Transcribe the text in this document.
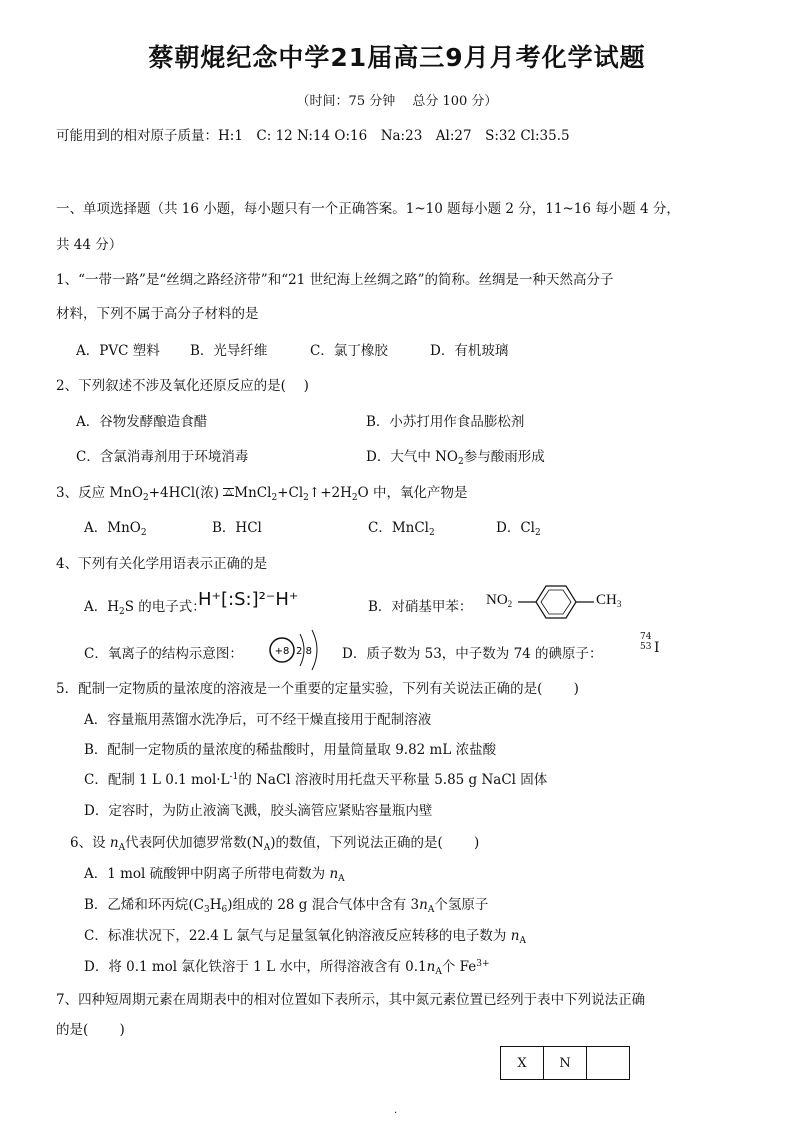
蔡朝焜纪念中学21届高三9月月考化学试题
（时间：75 分钟　 总分 100 分）
可能用到的相对原子质量：H:1　C: 12 N:14 O:16　Na:23　Al:27　S:32 Cl:35.5
一、单项选择题（共 16 小题，每小题只有一个正确答案。1~10 题每小题 2 分，11~16 每小题 4 分，
共 44 分）
1、“一带一路”是“丝绸之路经济带”和“21 世纪海上丝绸之路”的简称。丝绸是一种天然高分子
材料，下列不属于高分子材料的是
A．PVC 塑料 B．光导纤维	C．氯丁橡胶	D．有机玻璃
2、下列叙述不涉及氧化还原反应的是(　 )
A．谷物发酵酿造食醋	B．小苏打用作食品膨松剂
C．含氯消毒剂用于环境消毒	D．大气中 $NO_2$参与酸雨形成
3、反应 MnO$_2$+4HCl(浓) △ $MnCl_2+Cl_2↑+2H_2O$ 中，氧化产物是
A．MnO$_2$	B．HCl	C．MnCl$_2$	D．$Cl_2$
4、下列有关化学用语表示正确的是
A．$H_2S$ 的电子式：
H⁺[:S:]²⁻H⁺	B．对硝基甲苯： $NO_2$	$CH_3$
C．氧离子的结构示意图：	+8 2 8 D．质子数为 53，中子数为 74 的碘原子：
74
53 I
5．配制一定物质的量浓度的溶液是一个重要的定量实验，下列有关说法正确的是(　　 )
A．容量瓶用蒸馏水洗净后，可不经干燥直接用于配制溶液
B．配制一定物质的量浓度的稀盐酸时，用量筒量取 9.82 mL 浓盐酸
C．配制 1 L 0.1 $mol\cdot L^{-1}$的 NaCl 溶液时用托盘天平称量 5.85 g NaCl 固体
D．定容时，为防止液滴飞溅，胶头滴管应紧贴容量瓶内壁
6、设 $n_A$代表阿伏加德罗常数$(N_A)$的数值，下列说法正确的是(　　 )
A．1 mol 硫酸钾中阴离子所带电荷数为 $n_A$
B．乙烯和环丙烷$(C_3H_6)$组成的 28 g 混合气体中含有 $3n_A$个氢原子
C．标准状况下，22.4 L 氯气与足量氢氧化钠溶液反应转移的电子数为 $n_A$
D．将 0.1 mol 氯化铁溶于 1 L 水中，所得溶液含有 $0.1n_A$个 $Fe^{3+}$
7、四种短周期元素在周期表中的相对位置如下表所示，其中氮元素位置已经列于表中下列说法正确
的是(　　 )
X	N	
·
